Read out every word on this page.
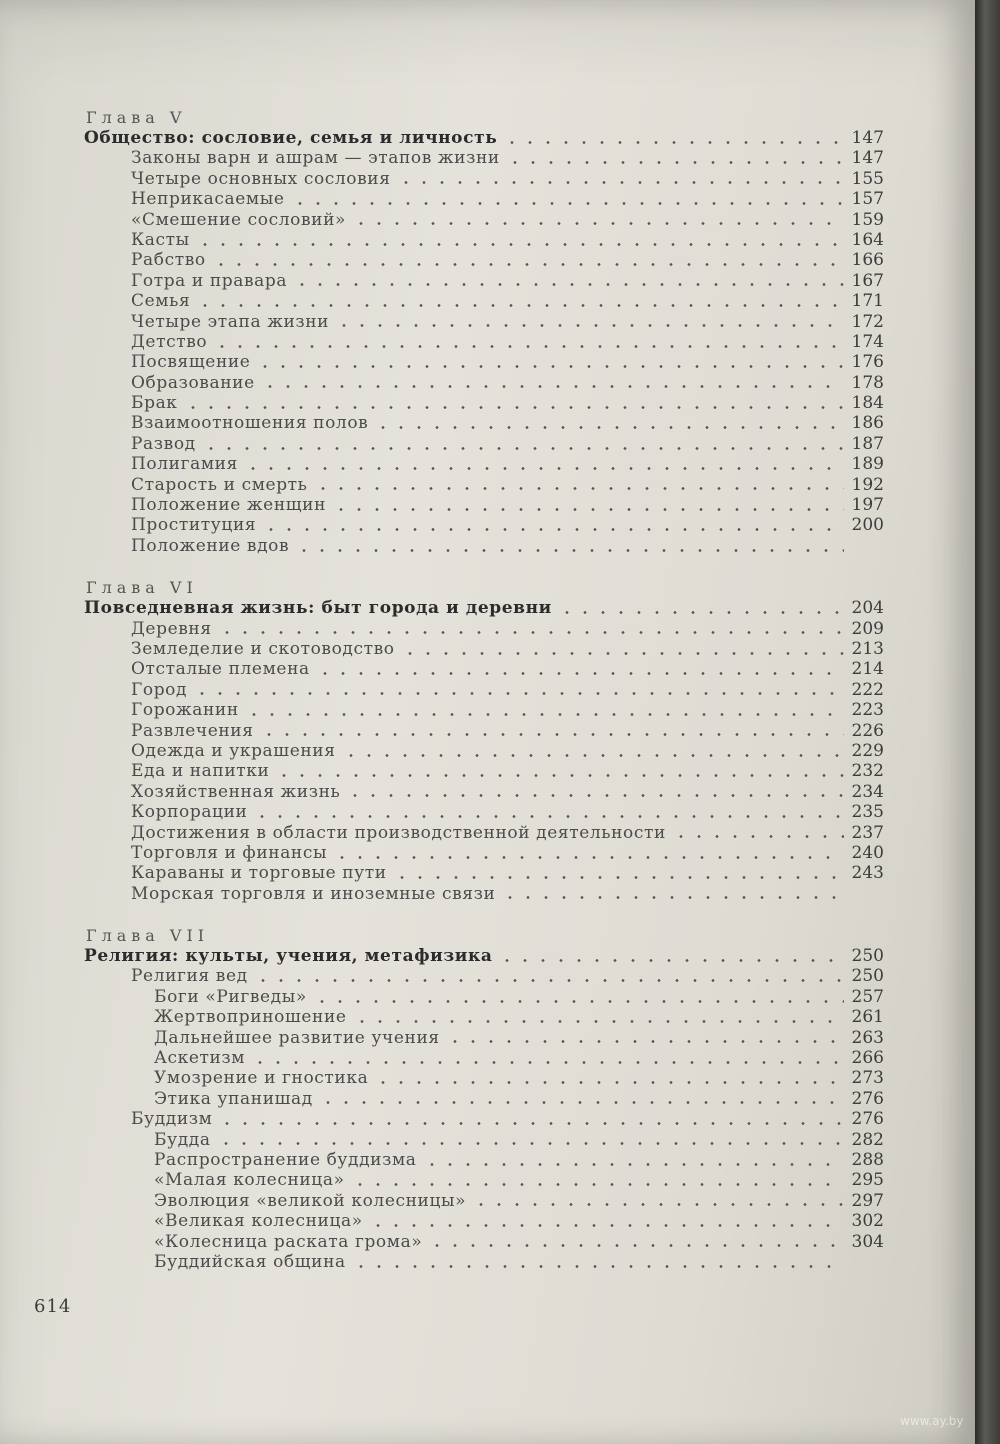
Глава V
Общество: сословие, семья и личность	147
Законы варн и ашрам — этапов жизни	147
Четыре основных сословия	155
Неприкасаемые	157
«Смешение сословий»	159
Касты	164
Рабство	166
Готра и правара	167
Семья	171
Четыре этапа жизни	172
Детство	174
Посвящение	176
Образование	178
Брак	184
Взаимоотношения полов	186
Развод	187
Полигамия	189
Старость и смерть	192
Положение женщин	197
Проституция	200
Положение вдов
Глава VI
Повседневная жизнь: быт города и деревни	204
Деревня	209
Земледелие и скотоводство	213
Отсталые племена	214
Город	222
Горожанин	223
Развлечения	226
Одежда и украшения	229
Еда и напитки	232
Хозяйственная жизнь	234
Корпорации	235
Достижения в области производственной деятельности	237
Торговля и финансы	240
Караваны и торговые пути	243
Морская торговля и иноземные связи
Глава VII
Религия: культы, учения, метафизика	250
Религия вед	250
Боги «Ригведы»	257
Жертвоприношение	261
Дальнейшее развитие учения	263
Аскетизм	266
Умозрение и гностика	273
Этика упанишад	276
Буддизм	276
Будда	282
Распространение буддизма	288
«Малая колесница»	295
Эволюция «великой колесницы»	297
«Великая колесница»	302
«Колесница раската грома»	304
Буддийская община
614
www.ay.by
